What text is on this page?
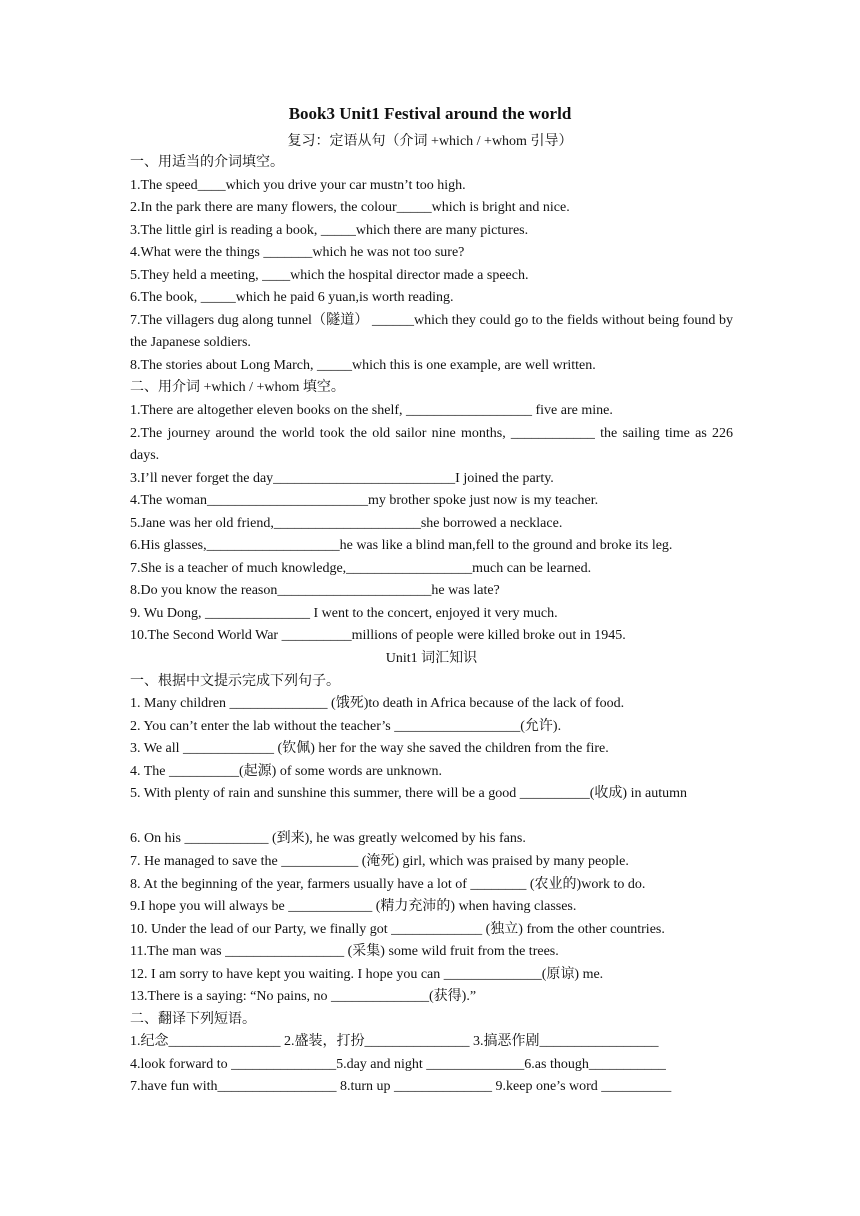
Book3 Unit1 Festival around the world
复习：定语从句（介词 +which / +whom 引导）
一、用适当的介词填空。
1.The speed____which you drive your car mustn’t too high.
2.In the park there are many flowers, the colour_____which is bright and nice.
3.The little girl is reading a book, _____which there are many pictures.
4.What were the things _______which he was not too sure?
5.They held a meeting, ____which the hospital director made a speech.
6.The book, _____which he paid 6 yuan,is worth reading.
7.The villagers dug along tunnel（隧道） ______which they could go to the fields without being found by the Japanese soldiers.
8.The stories about Long March, _____which this is one example, are well written.
二、用介词 +which / +whom 填空。
1.There are altogether eleven books on the shelf, __________________ five are mine.
2.The journey around the world took the old sailor nine months, ____________ the sailing time as 226 days.
3.I’ll never forget the day__________________________I joined the party.
4.The woman_______________________my brother spoke just now is my teacher.
5.Jane was her old friend,_____________________she borrowed a necklace.
6.His glasses,___________________he was like a blind man,fell to the ground and broke its leg.
7.She is a teacher of much knowledge,__________________much can be learned.
8.Do you know the reason______________________he was late?
9. Wu Dong, _______________ I went to the concert, enjoyed it very much.
10.The Second World War __________millions of people were killed broke out in 1945.
Unit1 词汇知识
一、根据中文提示完成下列句子。
1. Many children ______________ (饿死)to death in Africa because of the lack of food.
2. You can’t enter the lab without the teacher’s __________________(允许).
3. We all _____________ (钦佩) her for the way she saved the children from the fire.
4. The __________(起源) of some words are unknown.
5. With plenty of rain and sunshine this summer, there will be a good __________(收成) in autumn
6. On his ____________ (到来), he was greatly welcomed by his fans.
7. He managed to save the ___________ (淹死) girl, which was praised by many people.
8. At the beginning of the year, farmers usually have a lot of ________ (农业的)work to do.
9.I hope you will always be ____________ (精力充沛的) when having classes.
10. Under the lead of our Party, we finally got _____________ (独立) from the other countries.
11.The man was _________________ (采集) some wild fruit from the trees.
12. I am sorry to have kept you waiting. I hope you can ______________(原谅) me.
13.There is a saying: “No pains, no ______________(获得).”
二、翻译下列短语。
1.纪念________________ 2.盛装，打扮_______________ 3.搞恶作剧_________________
4.look forward to _______________5.day and night ______________6.as though___________
7.have fun with_________________ 8.turn up ______________ 9.keep one’s word __________
